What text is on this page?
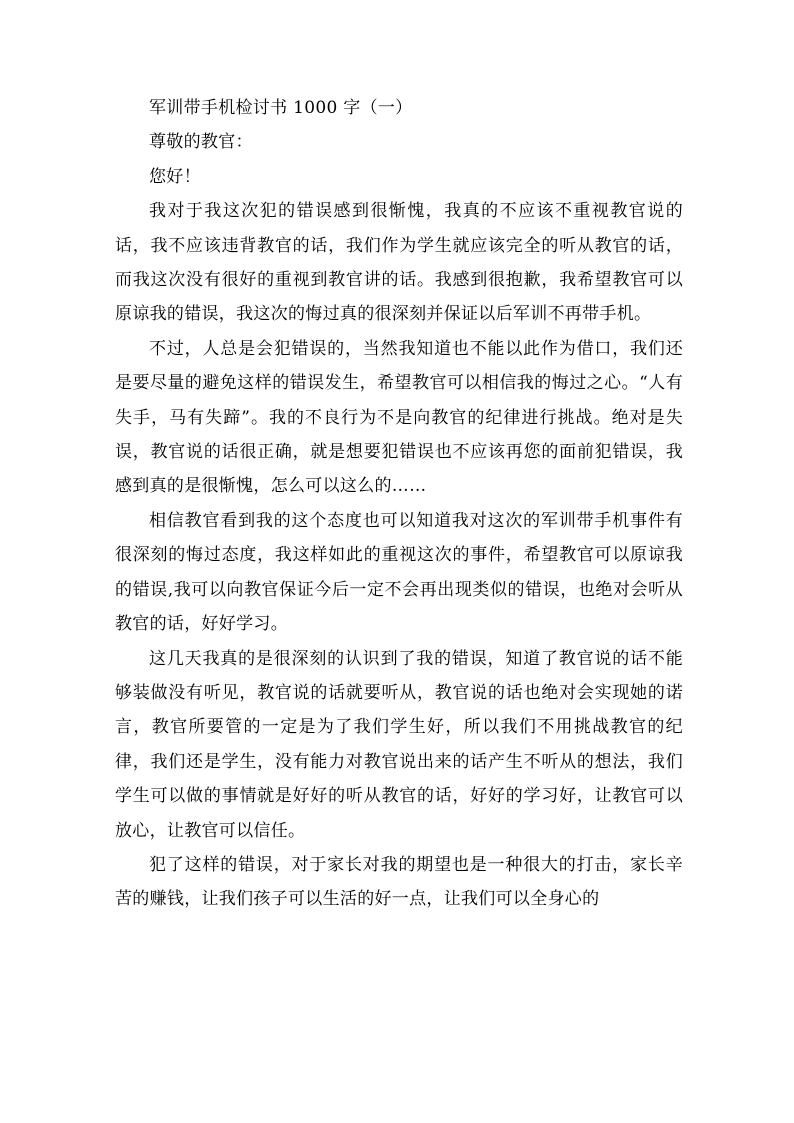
军训带手机检讨书 1000 字（一）

尊敬的教官：

您好！

我对于我这次犯的错误感到很惭愧，我真的不应该不重视教官说的话，我不应该违背教官的话，我们作为学生就应该完全的听从教官的话，而我这次没有很好的重视到教官讲的话。我感到很抱歉，我希望教官可以原谅我的错误，我这次的悔过真的很深刻并保证以后军训不再带手机。

不过，人总是会犯错误的，当然我知道也不能以此作为借口，我们还是要尽量的避免这样的错误发生，希望教官可以相信我的悔过之心。“人有失手，马有失蹄”。我的不良行为不是向教官的纪律进行挑战。绝对是失误，教官说的话很正确，就是想要犯错误也不应该再您的面前犯错误，我感到真的是很惭愧，怎么可以这么的……

相信教官看到我的这个态度也可以知道我对这次的军训带手机事件有很深刻的悔过态度，我这样如此的重视这次的事件，希望教官可以原谅我的错误,我可以向教官保证今后一定不会再出现类似的错误，也绝对会听从教官的话，好好学习。

这几天我真的是很深刻的认识到了我的错误，知道了教官说的话不能够装做没有听见，教官说的话就要听从，教官说的话也绝对会实现她的诺言，教官所要管的一定是为了我们学生好，所以我们不用挑战教官的纪律，我们还是学生，没有能力对教官说出来的话产生不听从的想法，我们学生可以做的事情就是好好的听从教官的话，好好的学习好，让教官可以放心，让教官可以信任。

犯了这样的错误，对于家长对我的期望也是一种很大的打击，家长辛苦的赚钱，让我们孩子可以生活的好一点，让我们可以全身心的
